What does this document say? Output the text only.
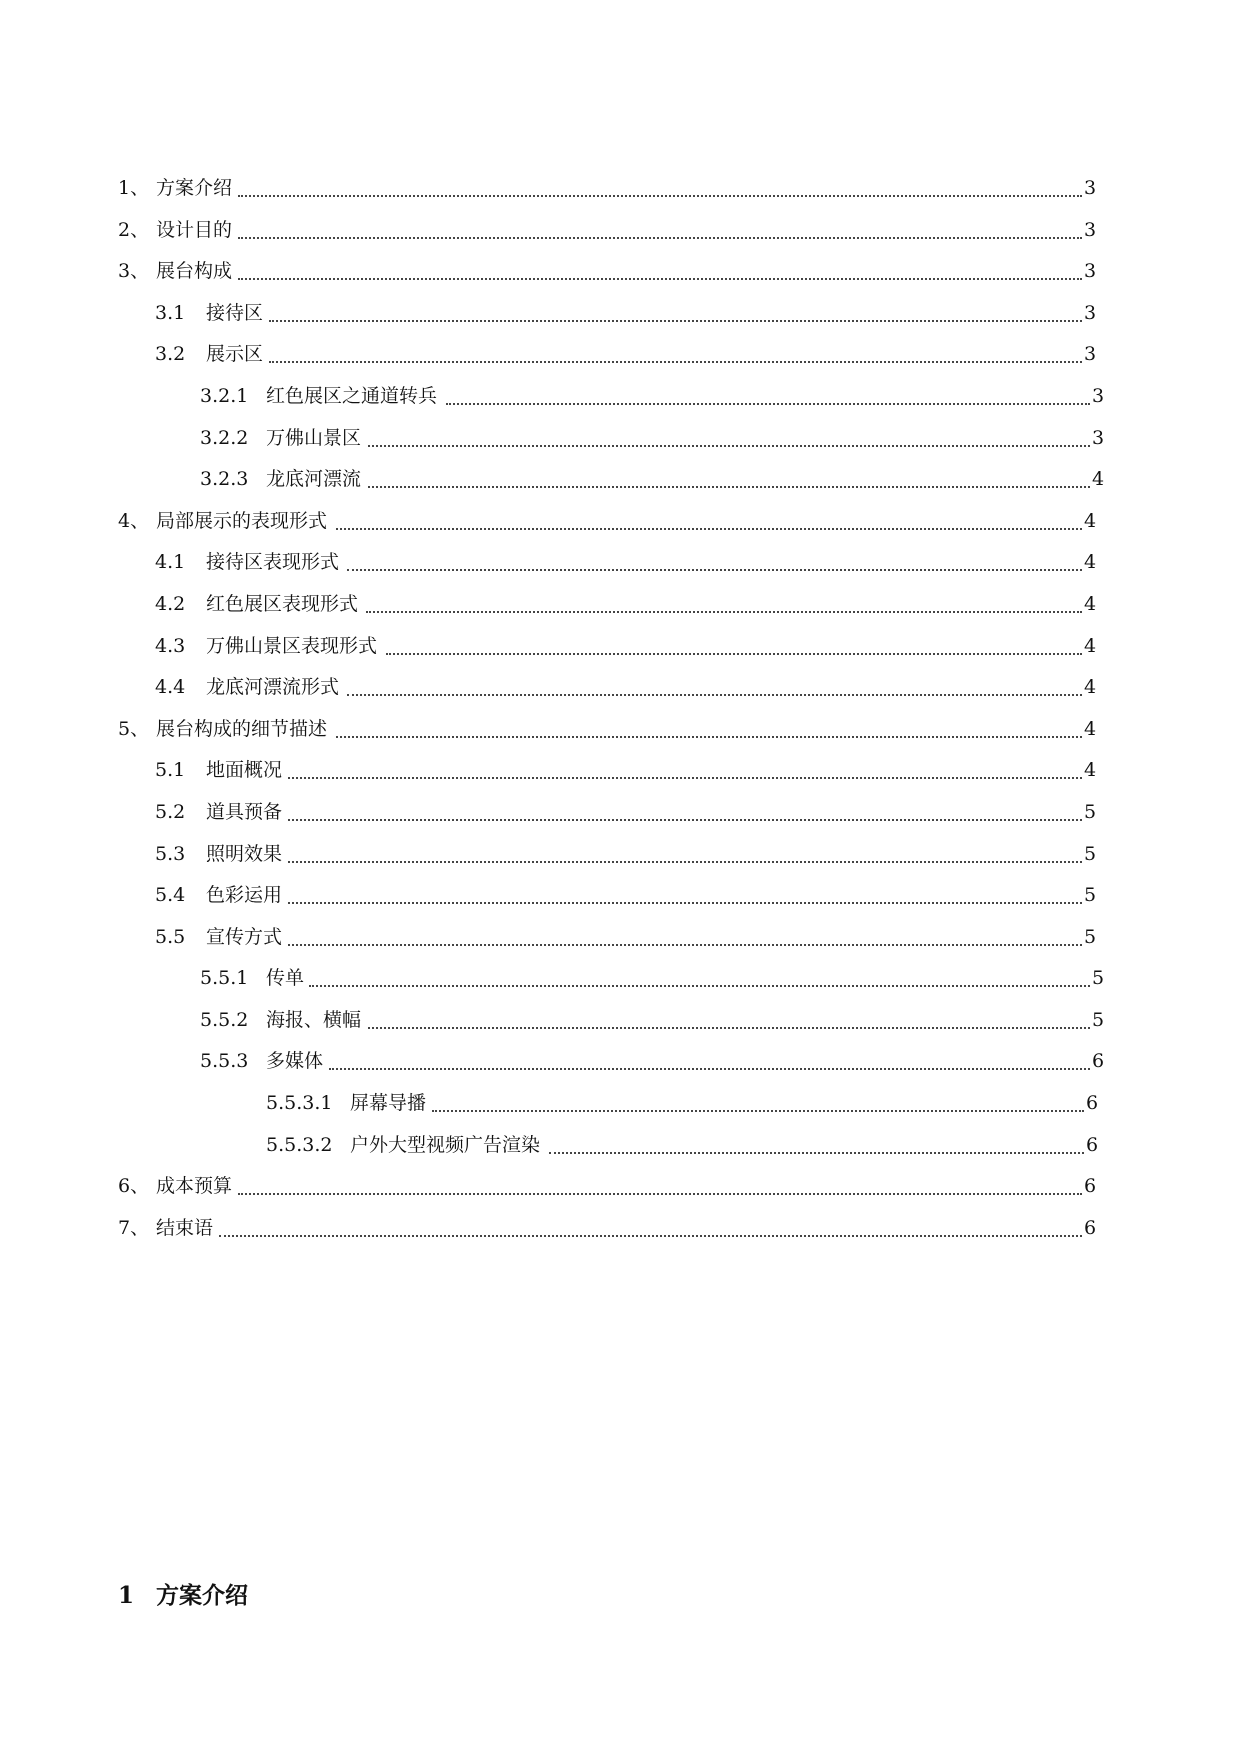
1、 方案介绍	3
2、 设计目的	3
3、 展台构成	3
3.1 接待区	3
3.2 展示区	3
3.2.1 红色展区之通道转兵	3
3.2.2 万佛山景区	3
3.2.3 龙底河漂流	4
4、 局部展示的表现形式	4
4.1 接待区表现形式	4
4.2 红色展区表现形式	4
4.3 万佛山景区表现形式	4
4.4 龙底河漂流形式	4
5、 展台构成的细节描述	4
5.1 地面概况	4
5.2 道具预备	5
5.3 照明效果	5
5.4 色彩运用	5
5.5 宣传方式	5
5.5.1 传单	5
5.5.2 海报、横幅	5
5.5.3 多媒体	6
5.5.3.1 屏幕导播	6
5.5.3.2 户外大型视频广告渲染	6
6、 成本预算	6
7、 结束语	6
1 方案介绍
